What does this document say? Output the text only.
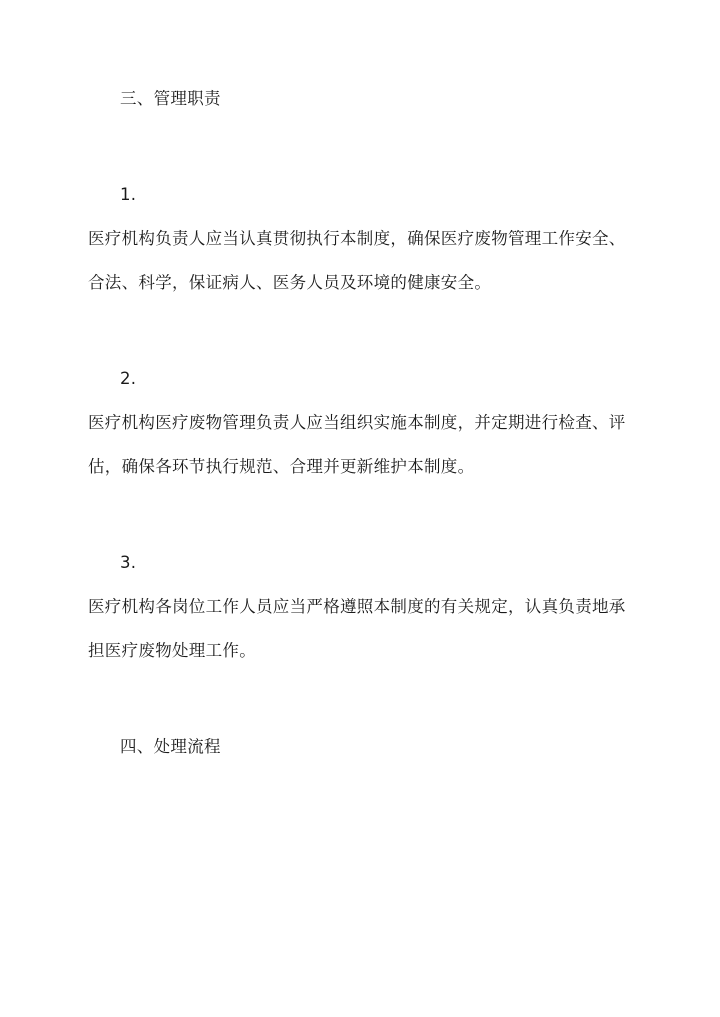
三、管理职责
1.
医疗机构负责人应当认真贯彻执行本制度，确保医疗废物管理工作安全、
合法、科学，保证病人、医务人员及环境的健康安全。
2.
医疗机构医疗废物管理负责人应当组织实施本制度，并定期进行检查、评
估，确保各环节执行规范、合理并更新维护本制度。
3.
医疗机构各岗位工作人员应当严格遵照本制度的有关规定，认真负责地承
担医疗废物处理工作。
四、处理流程
